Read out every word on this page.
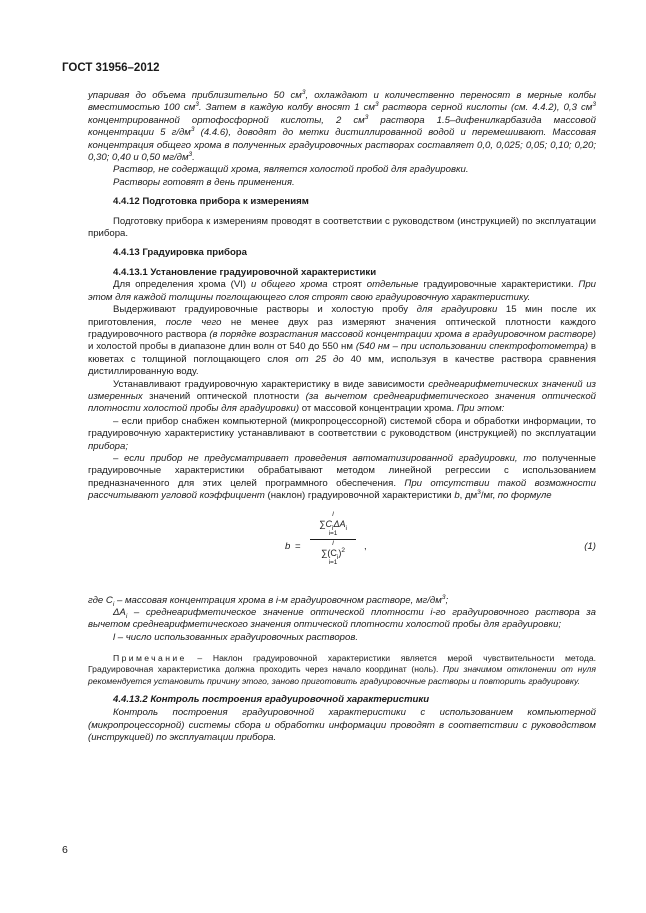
ГОСТ 31956–2012

упаривая до объема приблизительно 50 $см^3$, охлаждают и количественно переносят в мерные колбы вместимостью 100 $см^3$. Затем в каждую колбу вносят 1 $см^3$ раствора серной кислоты (см. 4.4.2), 0,3 $см^3$ концентрированной ортофосфорной кислоты, 2 $см^3$ раствора 1.5–дифенилкарбазида массовой концентрации 5 $г/дм^3$ (4.4.6), доводят до метки дистиллированной водой и перемешивают. Массовая концентрация общего хрома в полученных градуировочных растворах составляет 0,0, 0,025; 0,05; 0,10; 0,20; 0,30; 0,40 и 0,50 $мг/дм^3$.

Раствор, не содержащий хрома, является холостой пробой для градуировки.

Растворы готовят в день применения.

4.4.12 Подготовка прибора к измерениям

Подготовку прибора к измерениям проводят в соответствии с руководством (инструкцией) по эксплуатации прибора.

4.4.13 Градуировка прибора

4.4.13.1 Установление градуировочной характеристики

Для определения хрома (VI) и общего хрома строят отдельные градуировочные характеристики. При этом для каждой толщины поглощающего слоя строят свою градуировочную характеристику.

Выдерживают градуировочные растворы и холостую пробу для градуировки 15 мин после их приготовления, после чего не менее двух раз измеряют значения оптической плотности каждого градуировочного раствора (в порядке возрастания массовой концентрации хрома в градуировочном растворе) и холостой пробы в диапазоне длин волн от 540 до 550 нм (540 нм – при использовании спектрофотометра) в кюветах с толщиной поглощающего слоя от 25 до 40 мм, используя в качестве раствора сравнения дистиллированную воду.

Устанавливают градуировочную характеристику в виде зависимости среднеарифметических значений из измеренных значений оптической плотности (за вычетом среднеарифметического значения оптической плотности холостой пробы для градуировки) от массовой концентрации хрома. При этом:

– если прибор снабжен компьютерной (микропроцессорной) системой сбора и обработки информации, то градуировочную характеристику устанавливают в соответствии с руководством (инструкцией) по эксплуатации прибора;

– если прибор не предусматривает проведения автоматизированной градуировки, то полученные градуировочные характеристики обрабатывают методом линейной регрессии с использованием предназначенного для этих целей программного обеспечения. При отсутствии такой возможности рассчитывают угловой коэффициент (наклон) градуировочной характеристики b, $дм^3/мг$, по формуле

b =
l
$\sum C_i\Delta A_i$
i=1
l
$\sum(C_i)^2$
i=1
,	(1)

где $C_i$ – массовая концентрация хрома в i-м градуировочном растворе, $мг/дм^3$;

$\Delta A_i$ – среднеарифметическое значение оптической плотности i-го градуировочного раствора за вычетом среднеарифметического значения оптической плотности холостой пробы для градуировки;

l – число использованных градуировочных растворов.

Примечание – Наклон градуировочной характеристики является мерой чувствительности метода. Градуировочная характеристика должна проходить через начало координат (ноль). При значимом отклонении от нуля рекомендуется установить причину этого, заново приготовить градуировочные растворы и повторить градуировку.

4.4.13.2 Контроль построения градуировочной характеристики

Контроль построения градуировочной характеристики с использованием компьютерной (микропроцессорной) системы сбора и обработки информации проводят в соответствии с руководством (инструкцией) по эксплуатации прибора.

6
